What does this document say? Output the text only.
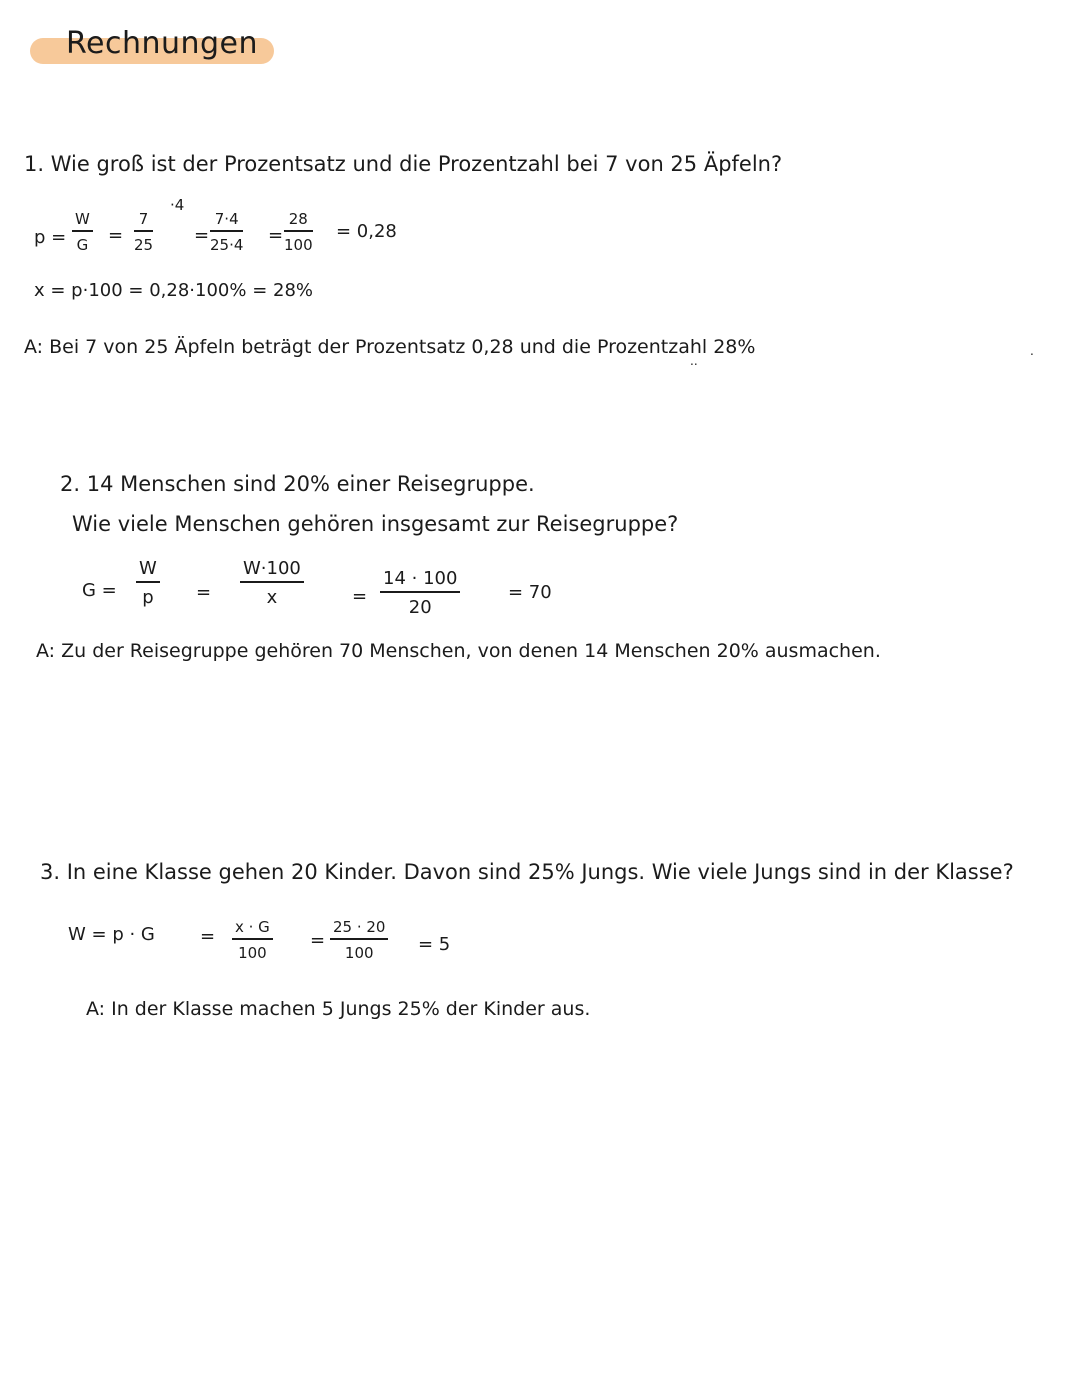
Rechnungen
1. Wie groß ist der Prozentsatz und die Prozentzahl bei 7 von 25 Äpfeln?
p =
W
G =
7
25
·4
=
7·4
25·4 =
28
100
= 0,28
x = p·100 = 0,28·100% = 28%
A: Bei 7 von 25 Äpfeln beträgt der Prozentsatz 0,28 und die Prozentzahl 28%
..
2. 14 Menschen sind 20% einer Reisegruppe.
Wie viele Menschen gehören insgesamt zur Reisegruppe?
G =
W
p =
W·100
x	=
14 · 100
20
= 70
A: Zu der Reisegruppe gehören 70 Menschen, von denen 14 Menschen 20% ausmachen.
3. In eine Klasse gehen 20 Kinder. Davon sind 25% Jungs. Wie viele Jungs sind in der Klasse?
W = p · G	= x · G
100
=
25 · 20
100 = 5
A: In der Klasse machen 5 Jungs 25% der Kinder aus.
.
